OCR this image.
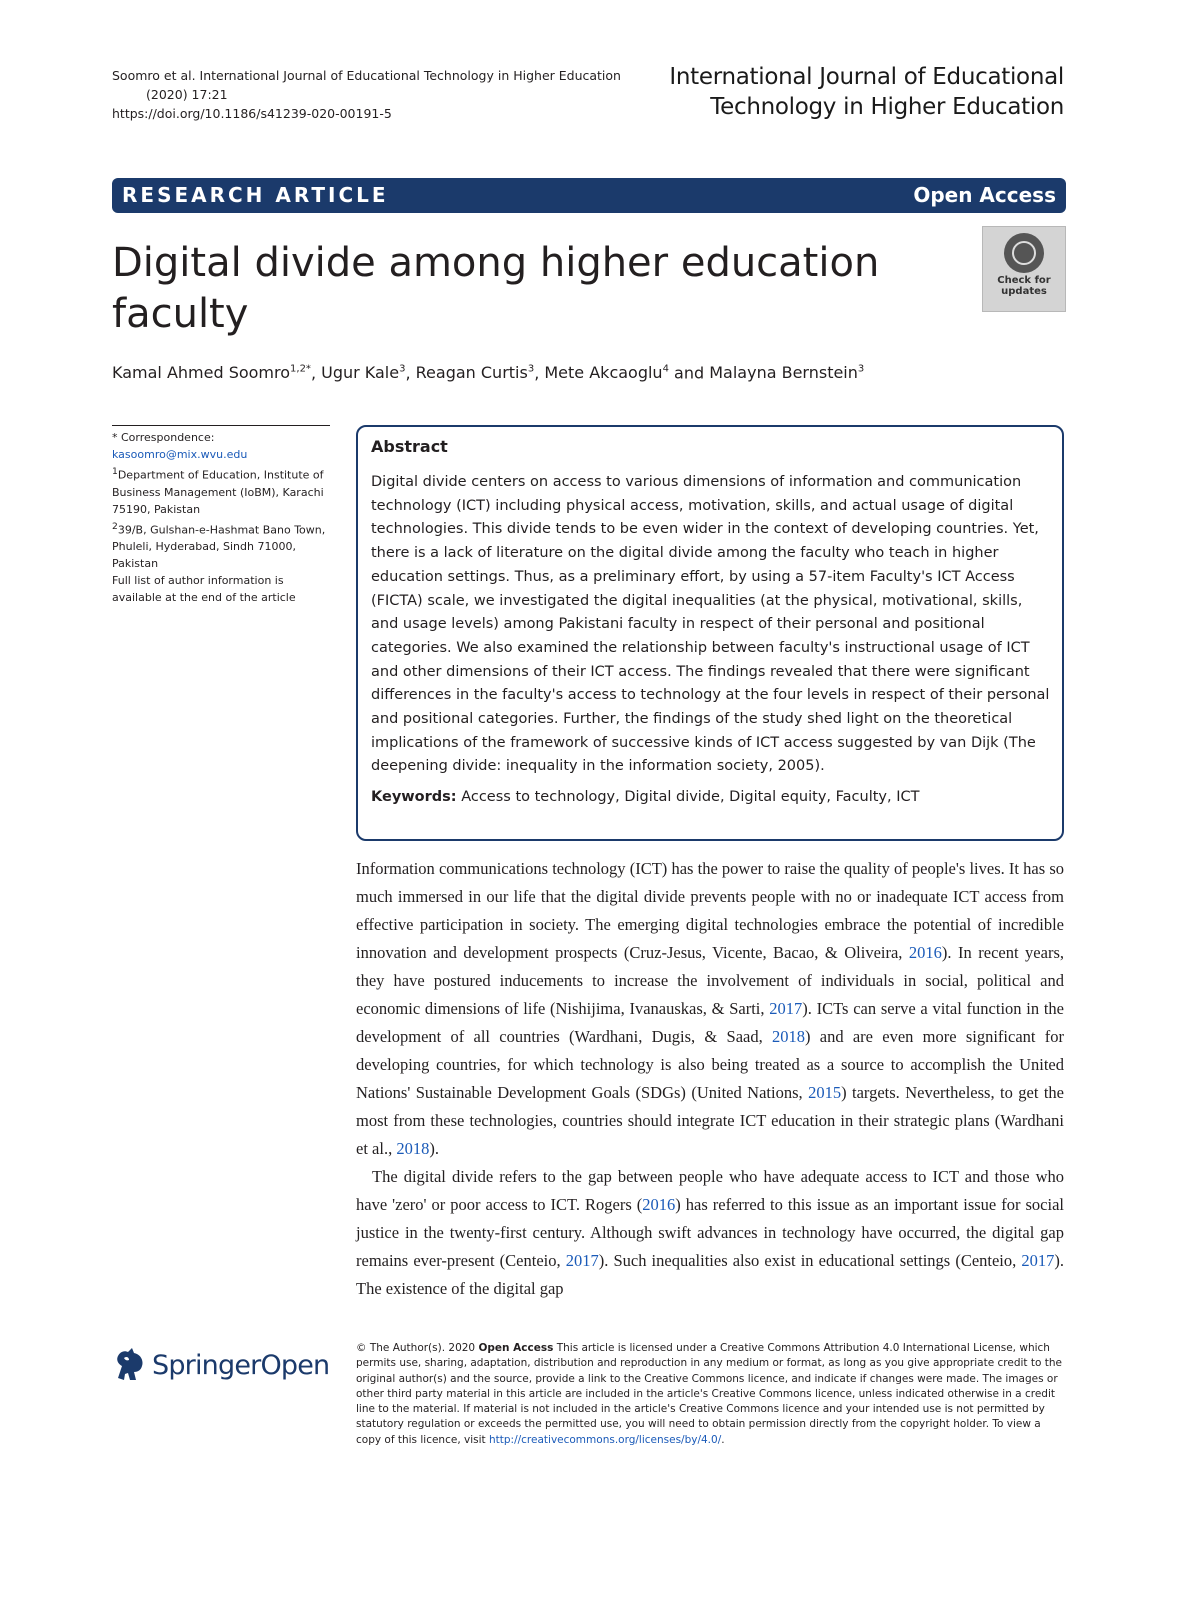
Soomro et al. International Journal of Educational Technology in Higher Education
(2020) 17:21
https://doi.org/10.1186/s41239-020-00191-5
International Journal of Educational
Technology in Higher Education
RESEARCH ARTICLE	Open Access
Digital divide among higher education faculty
Check for
updates
Kamal Ahmed Soomro$^{1,2*}$, Ugur Kale$^3$, Reagan Curtis$^3$, Mete Akcaoglu$^4$ and Malayna Bernstein$^3$

* Correspondence: kasoomro@mix.wvu.edu

$^1$Department of Education, Institute of Business Management (IoBM), Karachi 75190, Pakistan

$^2$39/B, Gulshan-e-Hashmat Bano Town, Phuleli, Hyderabad, Sindh 71000, Pakistan

Full list of author information is available at the end of the article

Abstract

Digital divide centers on access to various dimensions of information and communication technology (ICT) including physical access, motivation, skills, and actual usage of digital technologies. This divide tends to be even wider in the context of developing countries. Yet, there is a lack of literature on the digital divide among the faculty who teach in higher education settings. Thus, as a preliminary effort, by using a 57-item Faculty's ICT Access (FICTA) scale, we investigated the digital inequalities (at the physical, motivational, skills, and usage levels) among Pakistani faculty in respect of their personal and positional categories. We also examined the relationship between faculty's instructional usage of ICT and other dimensions of their ICT access. The findings revealed that there were significant differences in the faculty's access to technology at the four levels in respect of their personal and positional categories. Further, the findings of the study shed light on the theoretical implications of the framework of successive kinds of ICT access suggested by van Dijk (The deepening divide: inequality in the information society, 2005).

Keywords: Access to technology, Digital divide, Digital equity, Faculty, ICT

Information communications technology (ICT) has the power to raise the quality of people's lives. It has so much immersed in our life that the digital divide prevents people with no or inadequate ICT access from effective participation in society. The emerging digital technologies embrace the potential of incredible innovation and development prospects (Cruz-Jesus, Vicente, Bacao, & Oliveira, 2016). In recent years, they have postured inducements to increase the involvement of individuals in social, political and economic dimensions of life (Nishijima, Ivanauskas, & Sarti, 2017). ICTs can serve a vital function in the development of all countries (Wardhani, Dugis, & Saad, 2018) and are even more significant for developing countries, for which technology is also being treated as a source to accomplish the United Nations' Sustainable Development Goals (SDGs) (United Nations, 2015) targets. Nevertheless, to get the most from these technologies, countries should integrate ICT education in their strategic plans (Wardhani et al., 2018).

The digital divide refers to the gap between people who have adequate access to ICT and those who have 'zero' or poor access to ICT. Rogers (2016) has referred to this issue as an important issue for social justice in the twenty-first century. Although swift advances in technology have occurred, the digital gap remains ever-present (Centeio, 2017). Such inequalities also exist in educational settings (Centeio, 2017). The existence of the digital gap

SpringerOpen
© The Author(s). 2020 Open Access This article is licensed under a Creative Commons Attribution 4.0 International License, which permits use, sharing, adaptation, distribution and reproduction in any medium or format, as long as you give appropriate credit to the original author(s) and the source, provide a link to the Creative Commons licence, and indicate if changes were made. The images or other third party material in this article are included in the article's Creative Commons licence, unless indicated otherwise in a credit line to the material. If material is not included in the article's Creative Commons licence and your intended use is not permitted by statutory regulation or exceeds the permitted use, you will need to obtain permission directly from the copyright holder. To view a copy of this licence, visit http://creativecommons.org/licenses/by/4.0/.
